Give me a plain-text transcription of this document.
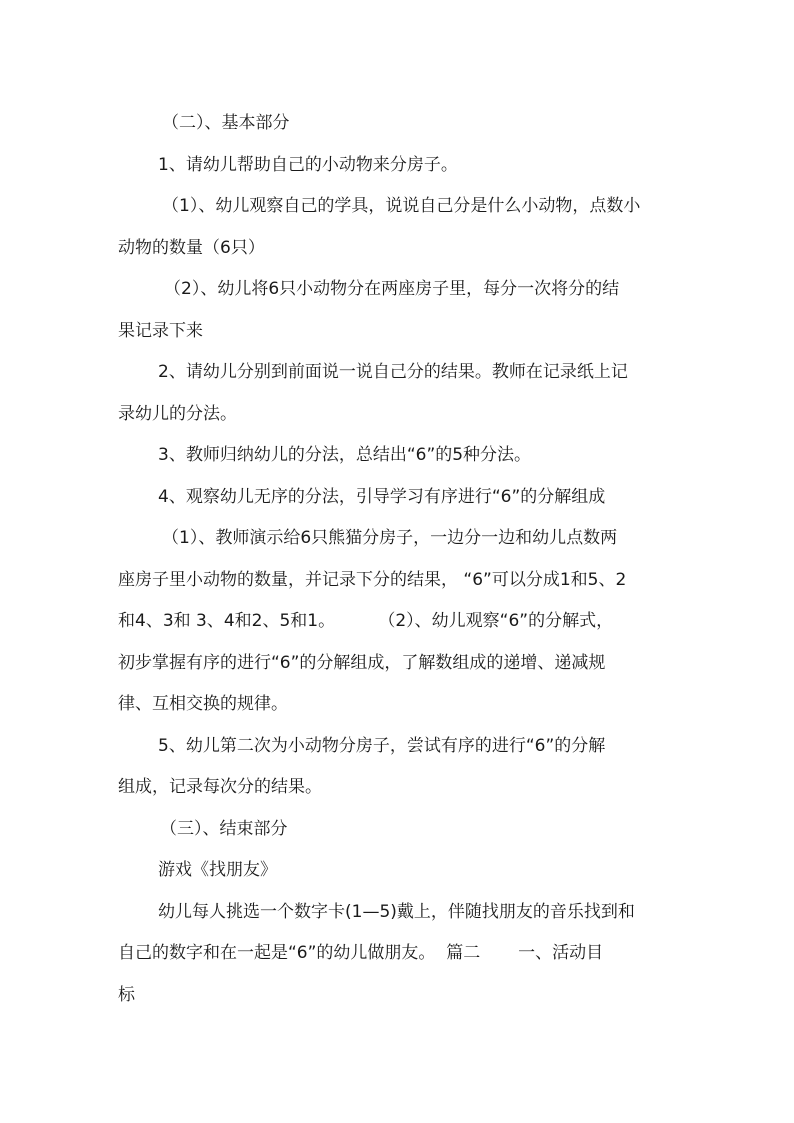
（二）、基本部分
1、请幼儿帮助自己的小动物来分房子。
（1）、幼儿观察自己的学具，说说自己分是什么小动物，点数小
动物的数量（6只）
（2）、幼儿将6只小动物分在两座房子里，每分一次将分的结
果记录下来
2、请幼儿分别到前面说一说自己分的结果。教师在记录纸上记
录幼儿的分法。
3、教师归纳幼儿的分法，总结出“6”的5种分法。
4、观察幼儿无序的分法，引导学习有序进行“6”的分解组成
（1）、教师演示给6只熊猫分房子，一边分一边和幼儿点数两
座房子里小动物的数量，并记录下分的结果， “6”可以分成1和5、2
和4、3和 3、4和2、5和1。        （2）、幼儿观察“6”的分解式，
初步掌握有序的进行“6”的分解组成，了解数组成的递增、递减规
律、互相交换的规律。
5、幼儿第二次为小动物分房子，尝试有序的进行“6”的分解
组成，记录每次分的结果。
（三）、结束部分
游戏《找朋友》
幼儿每人挑选一个数字卡(1—5)戴上，伴随找朋友的音乐找到和
自己的数字和在一起是“6”的幼儿做朋友。  篇二       一、活动目
标
